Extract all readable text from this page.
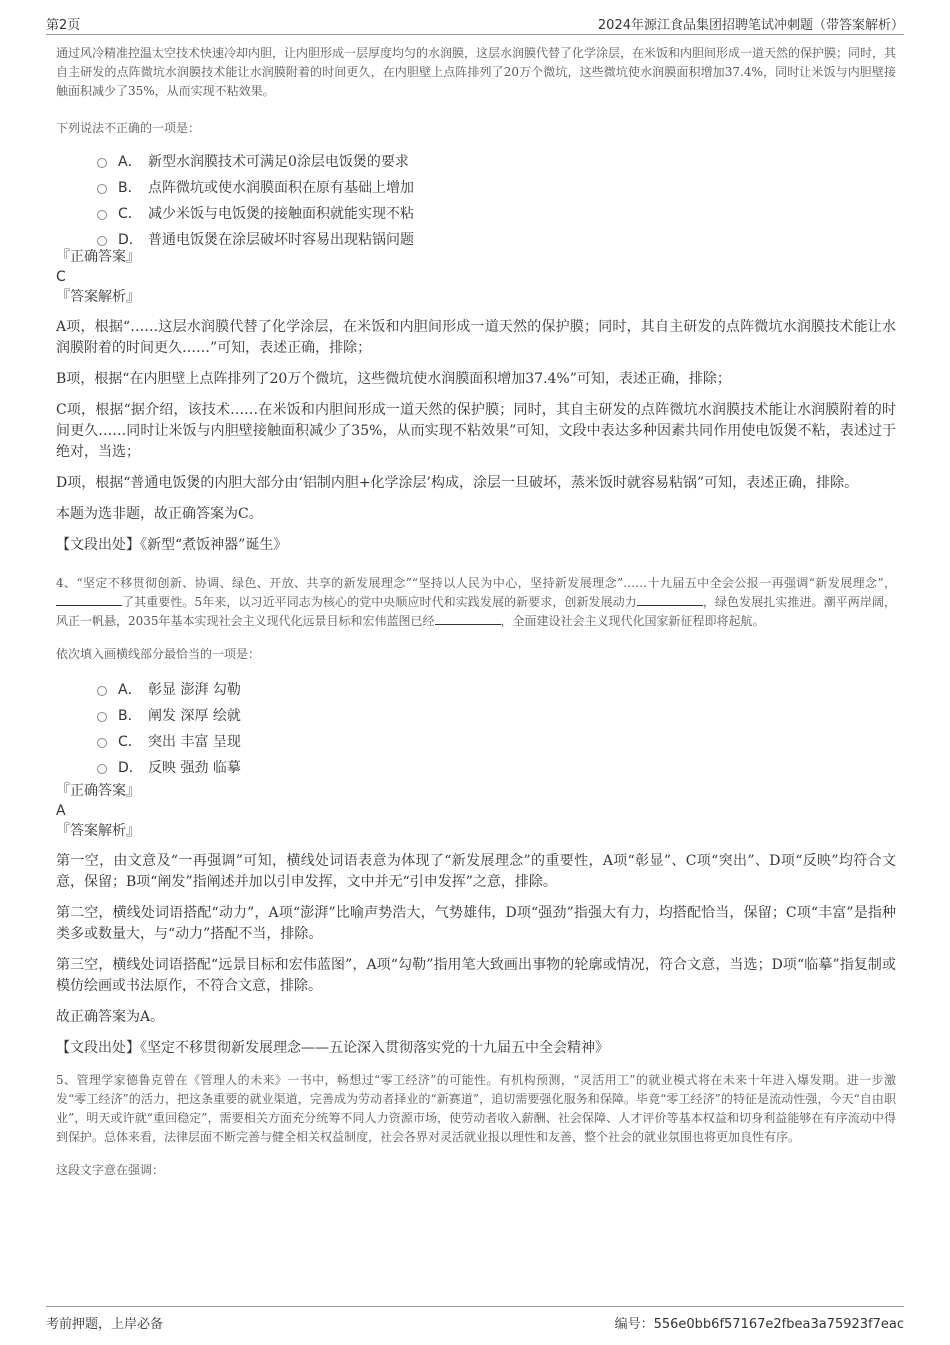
第2页	2024年源江食品集团招聘笔试冲刺题（带答案解析）

通过风冷精准控温太空技术快速冷却内胆，让内胆形成一层厚度均匀的水润膜，这层水润膜代替了化学涂层，在米饭和内胆间形成一道天然的保护膜；同时，其自主研发的点阵微坑水润膜技术能让水润膜附着的时间更久，在内胆壁上点阵排列了20万个微坑，这些微坑使水润膜面积增加37.4%，同时让米饭与内胆壁接触面积减少了35%，从而实现不粘效果。

下列说法不正确的一项是：

A． 新型水润膜技术可满足0涂层电饭煲的要求
B． 点阵微坑或使水润膜面积在原有基础上增加
C． 减少米饭与电饭煲的接触面积就能实现不粘
D． 普通电饭煲在涂层破坏时容易出现粘锅问题

『正确答案』

C

『答案解析』

A项，根据“……这层水润膜代替了化学涂层，在米饭和内胆间形成一道天然的保护膜；同时，其自主研发的点阵微坑水润膜技术能让水润膜附着的时间更久……”可知，表述正确，排除；

B项，根据“在内胆壁上点阵排列了20万个微坑，这些微坑使水润膜面积增加37.4%”可知，表述正确，排除；

C项，根据“据介绍，该技术……在米饭和内胆间形成一道天然的保护膜；同时，其自主研发的点阵微坑水润膜技术能让水润膜附着的时间更久……同时让米饭与内胆壁接触面积减少了35%，从而实现不粘效果”可知，文段中表达多种因素共同作用使电饭煲不粘，表述过于绝对，当选；

D项，根据“普通电饭煲的内胆大部分由‘铝制内胆+化学涂层’构成，涂层一旦破坏，蒸米饭时就容易粘锅”可知，表述正确，排除。

本题为选非题，故正确答案为C。

【文段出处】《新型“煮饭神器”诞生》

4、“坚定不移贯彻创新、协调、绿色、开放、共享的新发展理念”“坚持以人民为中心，坚持新发展理念”……十九届五中全会公报一再强调“新发展理念”，了其重要性。5年来，以习近平同志为核心的党中央顺应时代和实践发展的新要求，创新发展动力	，绿色发展扎实推进。潮平两岸阔，风正一帆悬，2035年基本实现社会主义现代化远景目标和宏伟蓝图已经	，全面建设社会主义现代化国家新征程即将起航。

依次填入画横线部分最恰当的一项是：

A． 彰显 澎湃 勾勒
B． 阐发 深厚 绘就
C． 突出 丰富 呈现
D． 反映 强劲 临摹

『正确答案』

A

『答案解析』

第一空，由文意及“一再强调”可知，横线处词语表意为体现了“新发展理念”的重要性，A项“彰显”、C项“突出”、D项“反映”均符合文意，保留；B项“阐发”指阐述并加以引申发挥，文中并无“引申发挥”之意，排除。

第二空，横线处词语搭配“动力”，A项“澎湃”比喻声势浩大，气势雄伟，D项“强劲”指强大有力，均搭配恰当，保留；C项“丰富”是指种类多或数量大，与“动力”搭配不当，排除。

第三空，横线处词语搭配“远景目标和宏伟蓝图”，A项“勾勒”指用笔大致画出事物的轮廓或情况，符合文意，当选；D项“临摹”指复制或模仿绘画或书法原作，不符合文意，排除。

故正确答案为A。

【文段出处】《坚定不移贯彻新发展理念——五论深入贯彻落实党的十九届五中全会精神》

5、管理学家德鲁克曾在《管理人的未来》一书中，畅想过“零工经济”的可能性。有机构预测，“灵活用工”的就业模式将在未来十年进入爆发期。进一步激发“零工经济”的活力，把这条重要的就业渠道，完善成为劳动者择业的“新赛道”，追切需要强化服务和保障。毕竟“零工经济”的特征是流动性强，今天“自由职业”，明天或许就“重回稳定”，需要相关方面充分统筹不同人力资源市场，使劳动者收入薪酬、社会保障、人才评价等基本权益和切身利益能够在有序流动中得到保护。总体来看，法律层面不断完善与健全相关权益制度，社会各界对灵活就业报以理性和友善，整个社会的就业氛围也将更加良性有序。

这段文字意在强调：

考前押题，上岸必备	编号：556e0bb6f57167e2fbea3a75923f7eac
